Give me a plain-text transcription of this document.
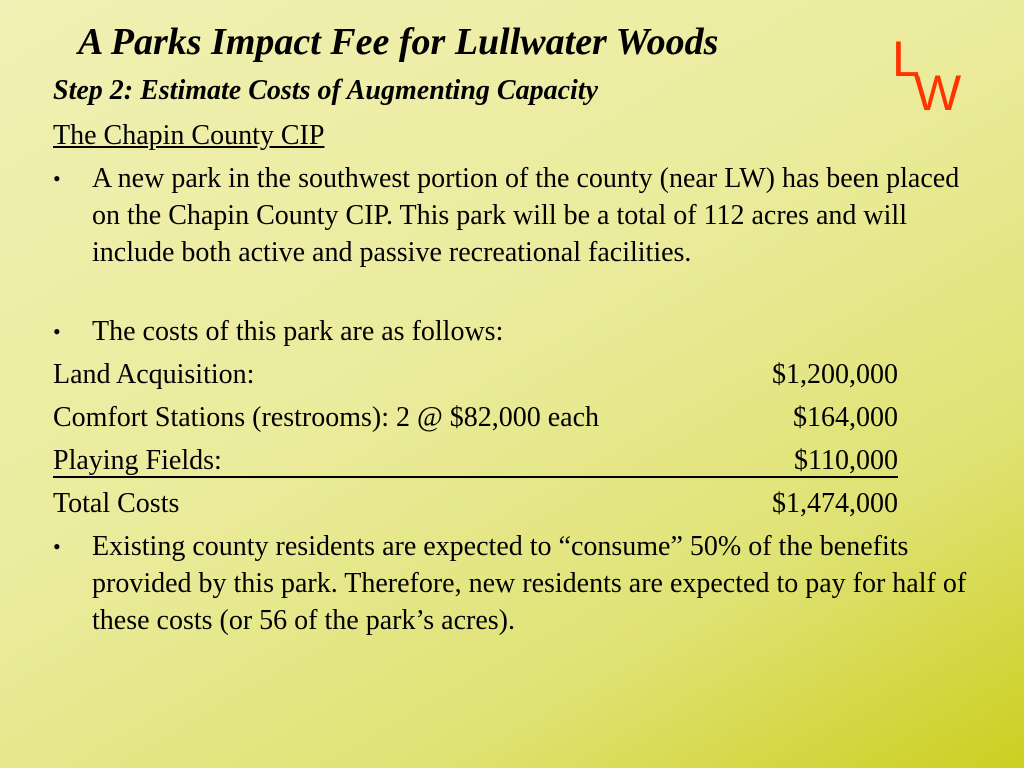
A Parks Impact Fee for Lullwater Woods	L
W
Step 2: Estimate Costs of Augmenting Capacity
The Chapin County CIP
•	A new park in the southwest portion of the county (near LW) has been placed on the Chapin County CIP. This park will be a total of 112 acres and will include both active and passive recreational facilities.
•	The costs of this park are as follows:
Land Acquisition:	$1,200,000
Comfort Stations (restrooms): 2 @ $82,000 each	$164,000
Playing Fields:	$110,000
Total Costs	$1,474,000
•	Existing county residents are expected to “consume” 50% of the benefits provided by this park. Therefore, new residents are expected to pay for half of these costs (or 56 of the park’s acres).
